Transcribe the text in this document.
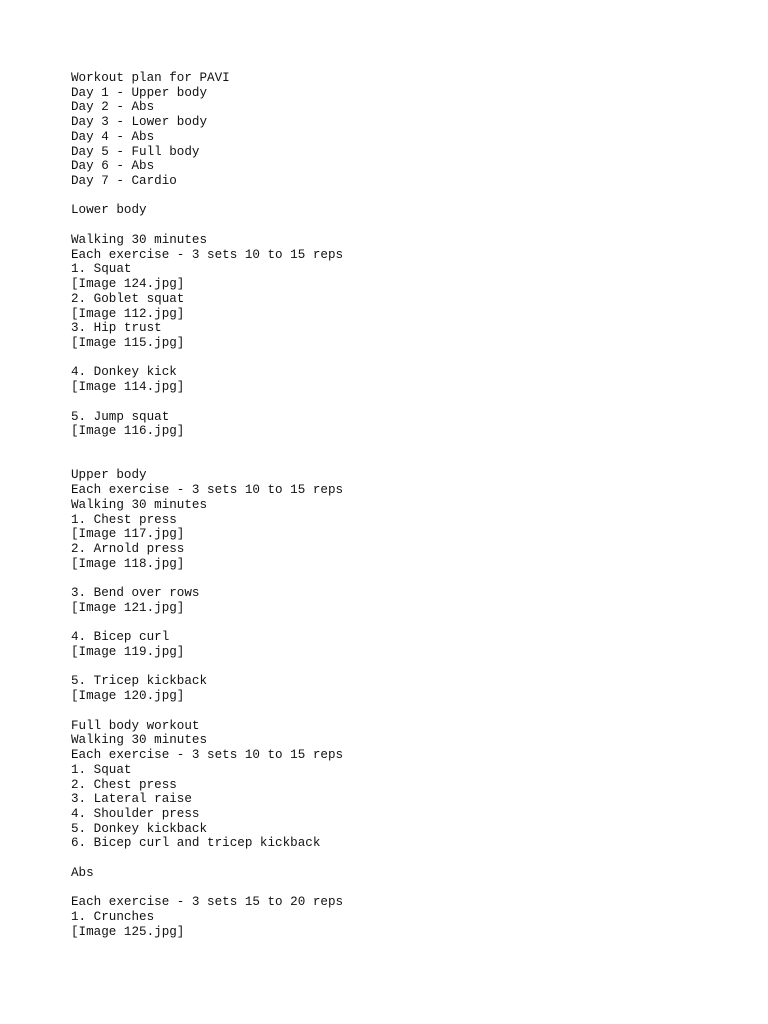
Workout plan for PAVI
Day 1 - Upper body
Day 2 - Abs
Day 3 - Lower body
Day 4 - Abs
Day 5 - Full body
Day 6 - Abs
Day 7 - Cardio
Lower body
Walking 30 minutes
Each exercise - 3 sets 10 to 15 reps
1. Squat
[Image 124.jpg]
2. Goblet squat
[Image 112.jpg]
3. Hip trust
[Image 115.jpg]
4. Donkey kick
[Image 114.jpg]
5. Jump squat
[Image 116.jpg]
Upper body
Each exercise - 3 sets 10 to 15 reps
Walking 30 minutes
1. Chest press
[Image 117.jpg]
2. Arnold press
[Image 118.jpg]
3. Bend over rows
[Image 121.jpg]
4. Bicep curl
[Image 119.jpg]
5. Tricep kickback
[Image 120.jpg]
Full body workout
Walking 30 minutes
Each exercise - 3 sets 10 to 15 reps
1. Squat
2. Chest press
3. Lateral raise
4. Shoulder press
5. Donkey kickback
6. Bicep curl and tricep kickback
Abs
Each exercise - 3 sets 15 to 20 reps
1. Crunches
[Image 125.jpg]
